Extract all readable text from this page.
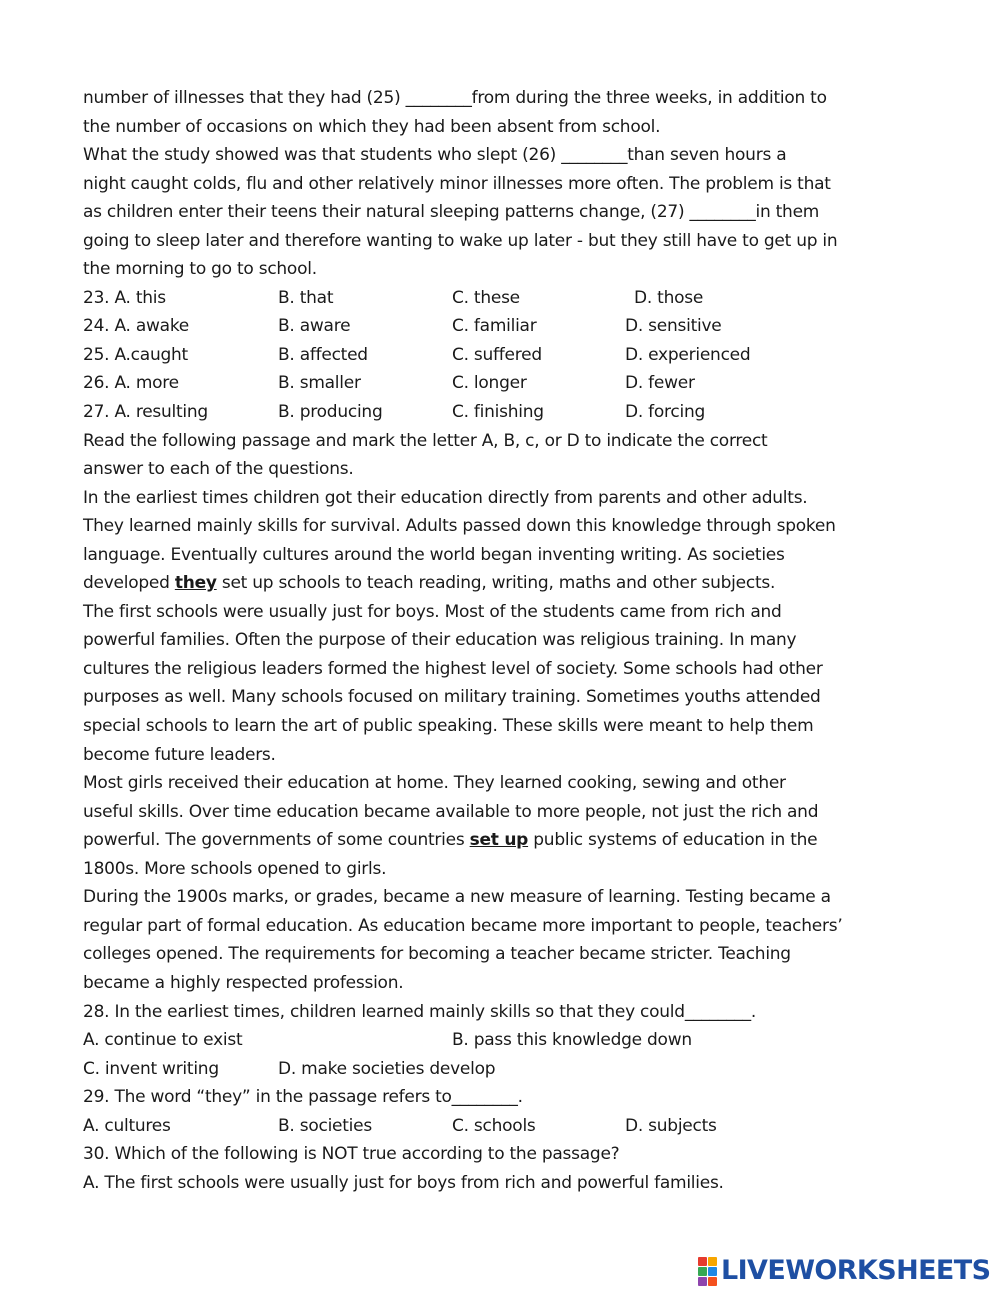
number of illnesses that they had (25) ________from during the three weeks, in addition to
the number of occasions on which they had been absent from school.
What the study showed was that students who slept (26) ________than seven hours a
night caught colds, flu and other relatively minor illnesses more often. The problem is that
as children enter their teens their natural sleeping patterns change, (27) ________in them
going to sleep later and therefore wanting to wake up later - but they still have to get up in
the morning to go to school.
23. A. this	B. that	C. these	D. those
24. A. awake	B. aware	C. familiar	D. sensitive
25. A.caught	B. affected	C. suffered	D. experienced
26. A. more	B. smaller	C. longer	D. fewer
27. A. resulting	B. producing	C. finishing	D. forcing
Read the following passage and mark the letter A, B, c, or D to indicate the correct
answer to each of the questions.
In the earliest times children got their education directly from parents and other adults.
They learned mainly skills for survival. Adults passed down this knowledge through spoken
language. Eventually cultures around the world began inventing writing. As societies
developed they set up schools to teach reading, writing, maths and other subjects.
The first schools were usually just for boys. Most of the students came from rich and
powerful families. Often the purpose of their education was religious training. In many
cultures the religious leaders formed the highest level of society. Some schools had other
purposes as well. Many schools focused on military training. Sometimes youths attended
special schools to learn the art of public speaking. These skills were meant to help them
become future leaders.
Most girls received their education at home. They learned cooking, sewing and other
useful skills. Over time education became available to more people, not just the rich and
powerful. The governments of some countries set up public systems of education in the
1800s. More schools opened to girls.
During the 1900s marks, or grades, became a new measure of learning. Testing became a
regular part of formal education. As education became more important to people, teachers’
colleges opened. The requirements for becoming a teacher became stricter. Teaching
became a highly respected profession.
28. In the earliest times, children learned mainly skills so that they could________.
A. continue to exist	B. pass this knowledge down
C. invent writing	D. make societies develop
29. The word “they” in the passage refers to________.
A. cultures	B. societies	C. schools	D. subjects
30. Which of the following is NOT true according to the passage?
A. The first schools were usually just for boys from rich and powerful families.
LIVEWORKSHEETS
